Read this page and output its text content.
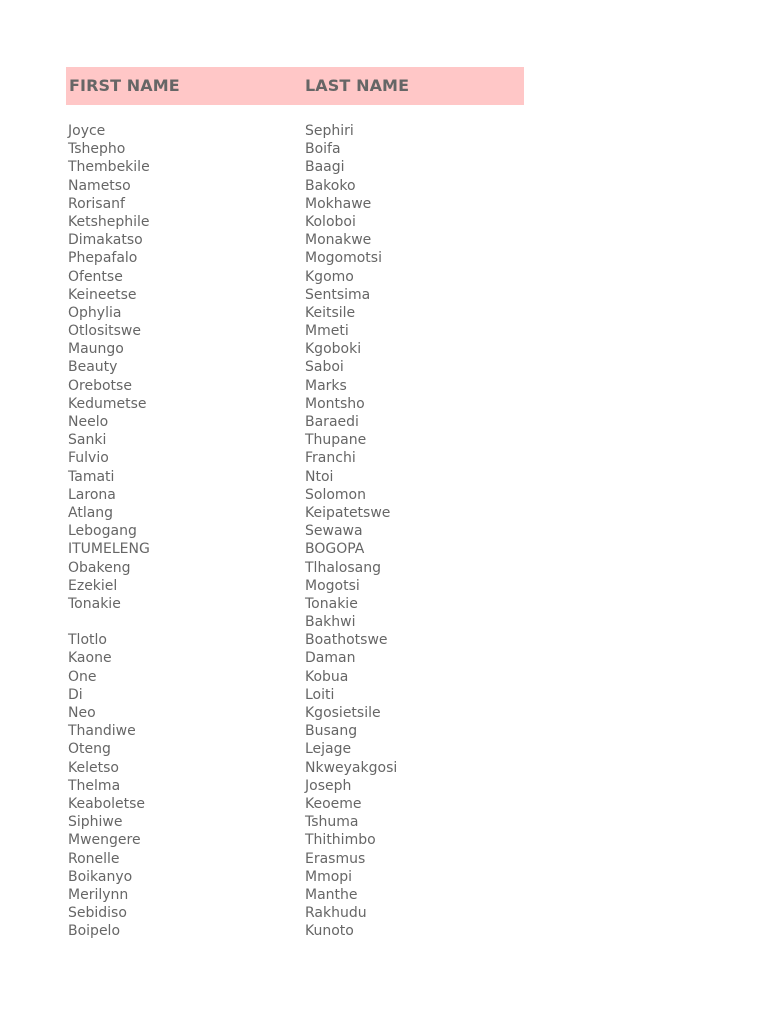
FIRST NAME	LAST NAME
Joyce	Sephiri
Tshepho	Boifa
Thembekile	Baagi
Nametso	Bakoko
Rorisanf	Mokhawe
Ketshephile	Koloboi
Dimakatso	Monakwe
Phepafalo	Mogomotsi
Ofentse	Kgomo
Keineetse	Sentsima
Ophylia	Keitsile
Otlositswe	Mmeti
Maungo	Kgoboki
Beauty	Saboi
Orebotse	Marks
Kedumetse	Montsho
Neelo	Baraedi
Sanki	Thupane
Fulvio	Franchi
Tamati	Ntoi
Larona	Solomon
Atlang	Keipatetswe
Lebogang	Sewawa
ITUMELENG	BOGOPA
Obakeng	Tlhalosang
Ezekiel	Mogotsi
Tonakie	Tonakie
Bakhwi
Tlotlo	Boathotswe
Kaone	Daman
One	Kobua
Di	Loiti
Neo	Kgosietsile
Thandiwe	Busang
Oteng	Lejage
Keletso	Nkweyakgosi
Thelma	Joseph
Keaboletse	Keoeme
Siphiwe	Tshuma
Mwengere	Thithimbo
Ronelle	Erasmus
Boikanyo	Mmopi
Merilynn	Manthe
Sebidiso	Rakhudu
Boipelo	Kunoto
